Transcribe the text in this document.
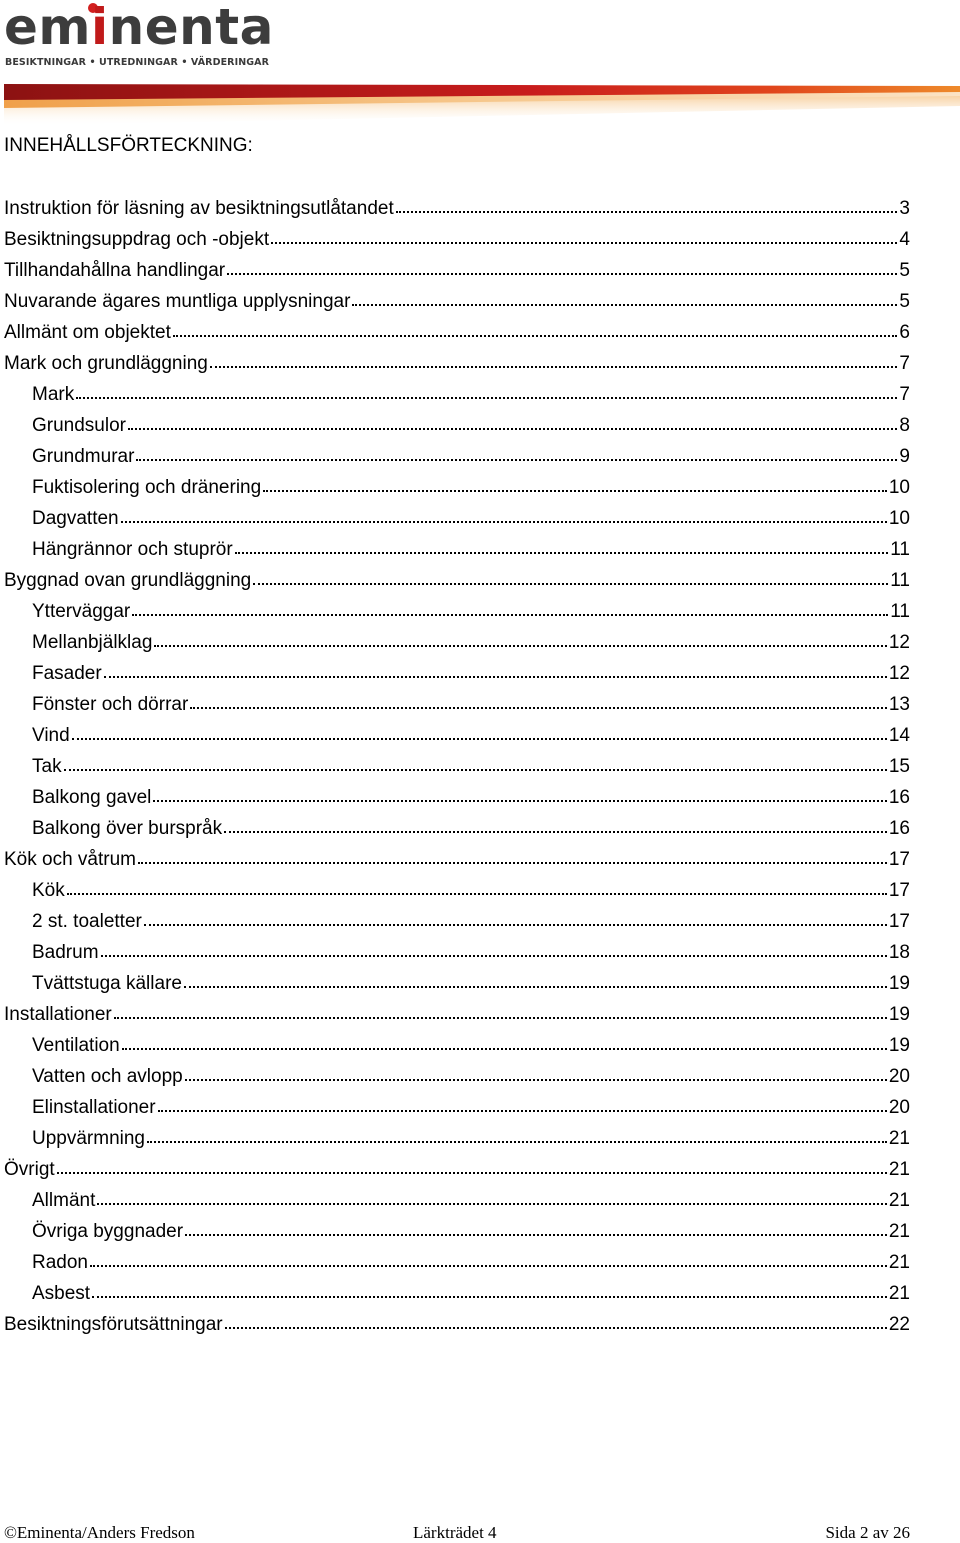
eminenta
BESIKTNINGAR • UTREDNINGAR • VÄRDERINGAR
INNEHÅLLSFÖRTECKNING:
Instruktion för läsning av besiktningsutlåtandet	3
Besiktningsuppdrag och -objekt	4
Tillhandahållna handlingar	5
Nuvarande ägares muntliga upplysningar	5
Allmänt om objektet	6
Mark och grundläggning	7
Mark	7
Grundsulor	8
Grundmurar	9
Fuktisolering och dränering	10
Dagvatten	10
Hängrännor och stuprör	11
Byggnad ovan grundläggning	11
Ytterväggar	11
Mellanbjälklag	12
Fasader	12
Fönster och dörrar	13
Vind	14
Tak	15
Balkong gavel	16
Balkong över burspråk	16
Kök och våtrum	17
Kök	17
2 st. toaletter	17
Badrum	18
Tvättstuga källare	19
Installationer	19
Ventilation	19
Vatten och avlopp	20
Elinstallationer	20
Uppvärmning	21
Övrigt	21
Allmänt	21
Övriga byggnader	21
Radon	21
Asbest	21
Besiktningsförutsättningar	22
©Eminenta/Anders Fredson	Lärkträdet 4	Sida 2 av 26
